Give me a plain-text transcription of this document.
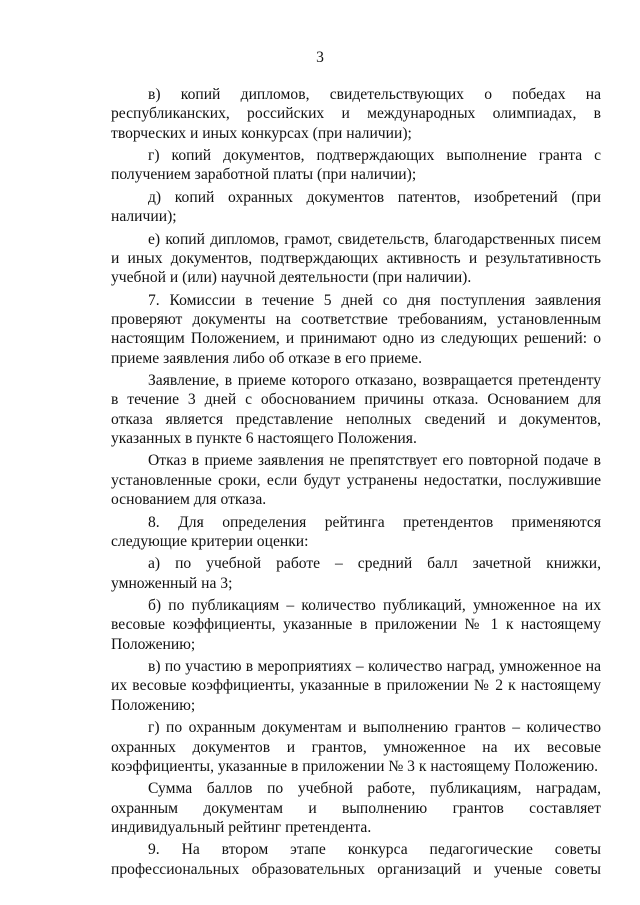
3

в) копий дипломов, свидетельствующих о победах на республиканских, российских и международных олимпиадах, в творческих и иных конкурсах (при наличии);

г) копий документов, подтверждающих выполнение гранта с получением заработной платы (при наличии);

д) копий охранных документов патентов, изобретений (при наличии);

е) копий дипломов, грамот, свидетельств, благодарственных писем и иных документов, подтверждающих активность и результативность учебной и (или) научной деятельности (при наличии).

7. Комиссии в течение 5 дней со дня поступления заявления проверяют документы на соответствие требованиям, установленным настоящим Положением, и принимают одно из следующих решений: о приеме заявления либо об отказе в его приеме.

Заявление, в приеме которого отказано, возвращается претенденту в течение 3 дней с обоснованием причины отказа. Основанием для отказа является представление неполных сведений и документов, указанных в пункте 6 настоящего Положения.

Отказ в приеме заявления не препятствует его повторной подаче в установленные сроки, если будут устранены недостатки, послужившие основанием для отказа.

8. Для определения рейтинга претендентов применяются следующие критерии оценки:

а) по учебной работе – средний балл зачетной книжки, умноженный на 3;

б) по публикациям – количество публикаций, умноженное на их весовые коэффициенты, указанные в приложении № 1 к настоящему Положению;

в) по участию в мероприятиях – количество наград, умноженное на их весовые коэффициенты, указанные в приложении № 2 к настоящему Положению;

г) по охранным документам и выполнению грантов – количество охранных документов и грантов, умноженное на их весовые коэффициенты, указанные в приложении № 3 к настоящему Положению.

Сумма баллов по учебной работе, публикациям, наградам, охранным документам и выполнению грантов составляет индивидуальный рейтинг претендента.

9. На втором этапе конкурса педагогические советы профессиональных образовательных организаций и ученые советы
